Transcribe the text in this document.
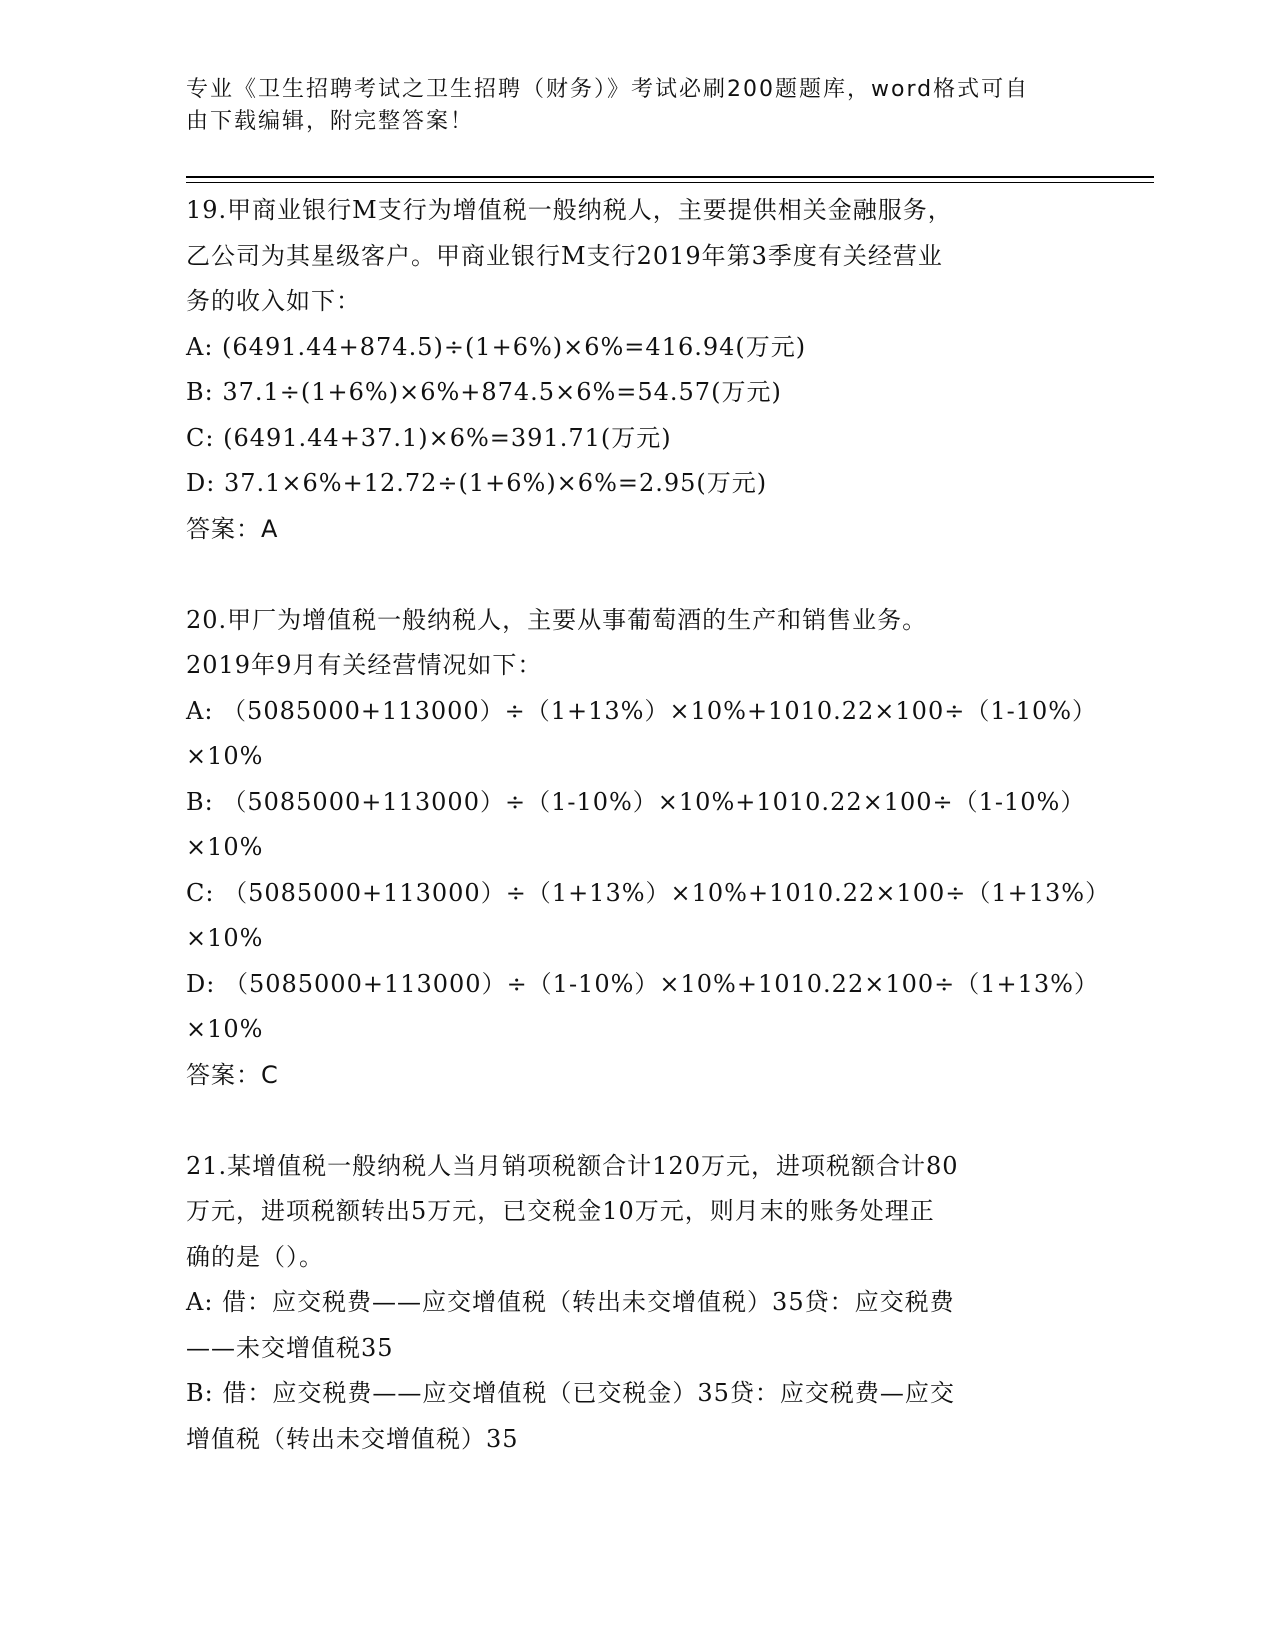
专业《卫生招聘考试之卫生招聘（财务）》考试必刷200题题库，word格式可自
由下载编辑，附完整答案！
19.甲商业银行M支行为增值税一般纳税人，主要提供相关金融服务，
乙公司为其星级客户。甲商业银行M支行2019年第3季度有关经营业
务的收入如下：
A: (6491.44+874.5)÷(1+6%)×6%=416.94(万元)
B: 37.1÷(1+6%)×6%+874.5×6%=54.57(万元)
C: (6491.44+37.1)×6%=391.71(万元)
D: 37.1×6%+12.72÷(1+6%)×6%=2.95(万元)
答案：A
20.甲厂为增值税一般纳税人，主要从事葡萄酒的生产和销售业务。
2019年9月有关经营情况如下：
A: （5085000+113000）÷（1+13%）×10%+1010.22×100÷（1-10%）
×10%
B: （5085000+113000）÷（1-10%）×10%+1010.22×100÷（1-10%）
×10%
C: （5085000+113000）÷（1+13%）×10%+1010.22×100÷（1+13%）
×10%
D: （5085000+113000）÷（1-10%）×10%+1010.22×100÷（1+13%）
×10%
答案：C
21.某增值税一般纳税人当月销项税额合计120万元，进项税额合计80
万元，进项税额转出5万元，已交税金10万元，则月末的账务处理正
确的是（）。
A: 借：应交税费——应交增值税（转出未交增值税）35贷：应交税费
——未交增值税35
B: 借：应交税费——应交增值税（已交税金）35贷：应交税费—应交
增值税（转出未交增值税）35
